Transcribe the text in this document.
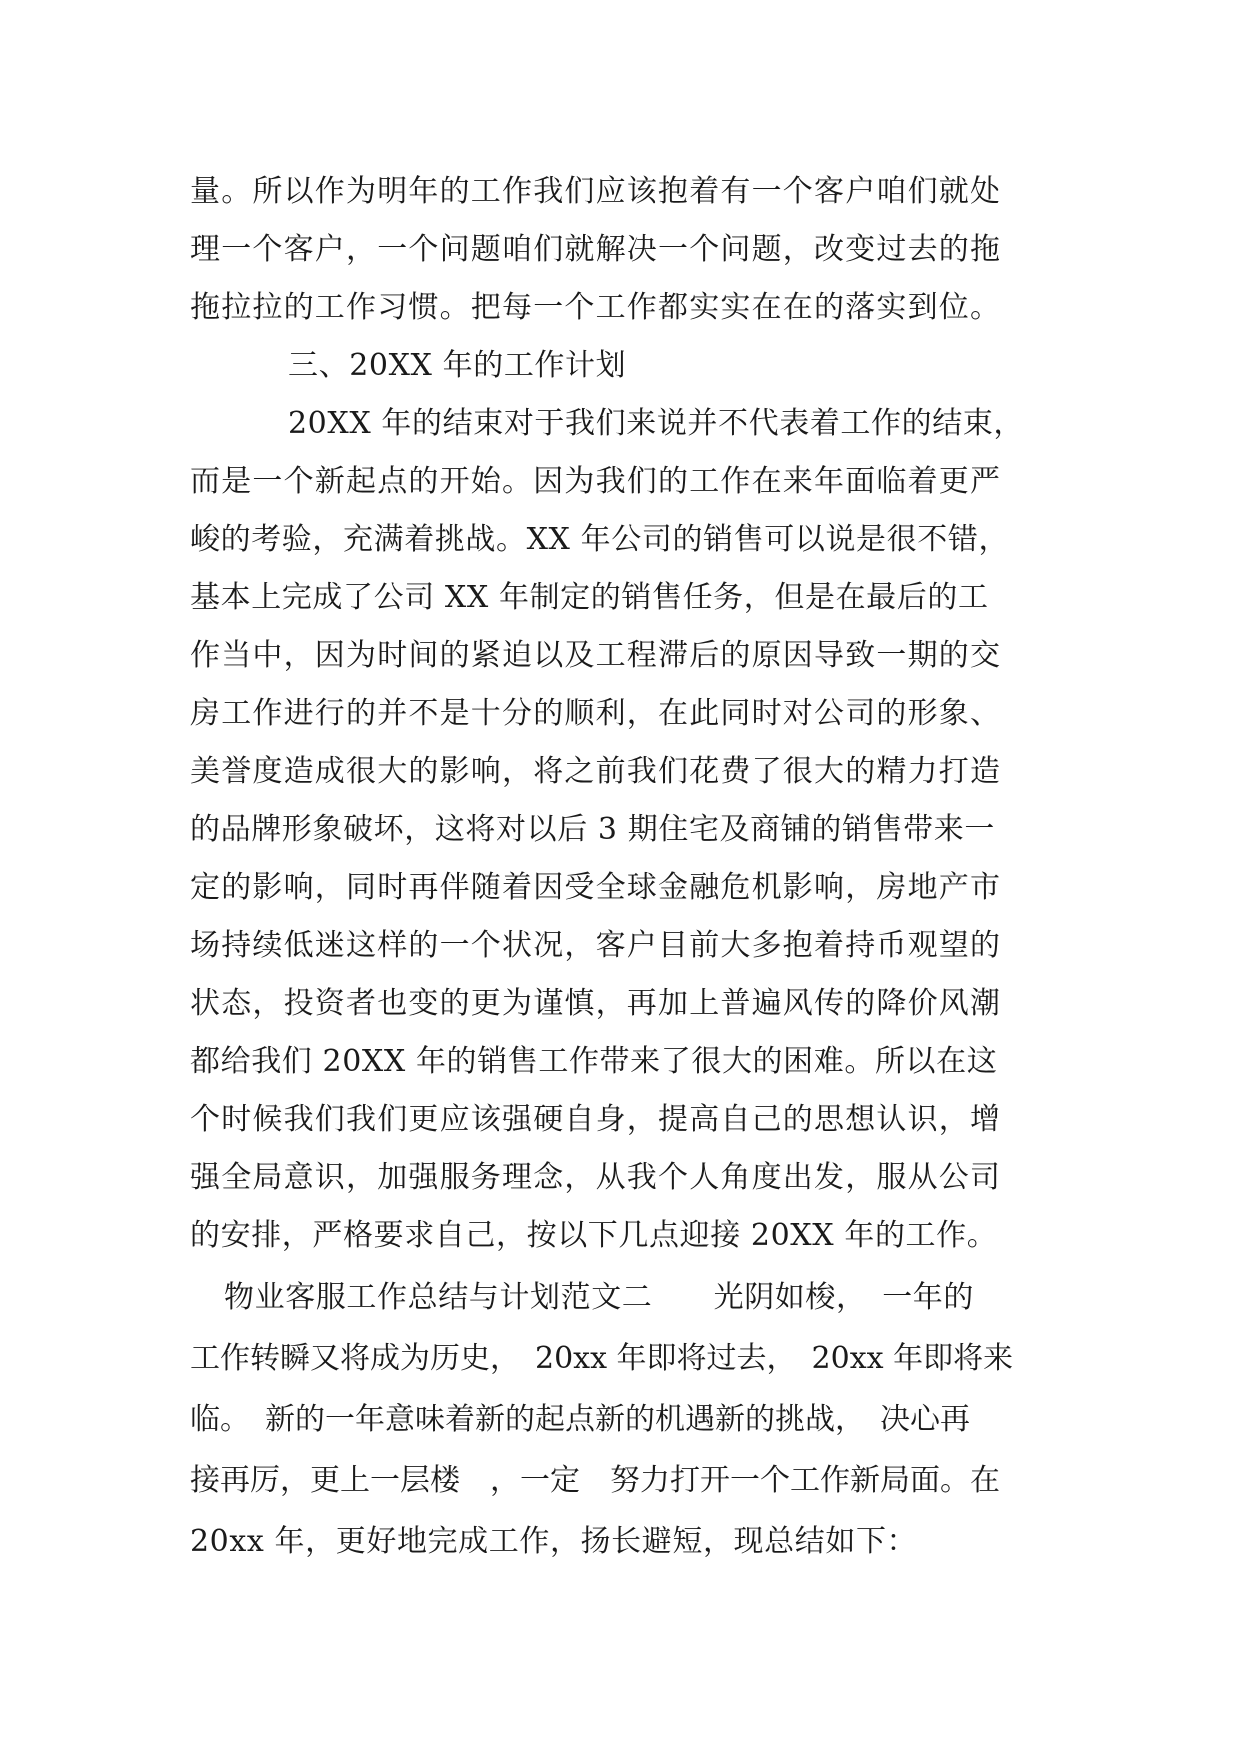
量。所以作为明年的工作我们应该抱着有一个客户咱们就处
理一个客户，一个问题咱们就解决一个问题，改变过去的拖
拖拉拉的工作习惯。把每一个工作都实实在在的落实到位。
三、20XX 年的工作计划
20XX 年的结束对于我们来说并不代表着工作的结束，
而是一个新起点的开始。因为我们的工作在来年面临着更严
峻的考验，充满着挑战。XX 年公司的销售可以说是很不错，
基本上完成了公司 XX 年制定的销售任务，但是在最后的工
作当中，因为时间的紧迫以及工程滞后的原因导致一期的交
房工作进行的并不是十分的顺利，在此同时对公司的形象、
美誉度造成很大的影响，将之前我们花费了很大的精力打造
的品牌形象破坏，这将对以后 3 期住宅及商铺的销售带来一
定的影响，同时再伴随着因受全球金融危机影响，房地产市
场持续低迷这样的一个状况，客户目前大多抱着持币观望的
状态，投资者也变的更为谨慎，再加上普遍风传的降价风潮
都给我们 20XX 年的销售工作带来了很大的困难。所以在这
个时候我们我们更应该强硬自身，提高自己的思想认识，增
强全局意识，加强服务理念，从我个人角度出发，服从公司
的安排，严格要求自己，按以下几点迎接 20XX 年的工作。
物业客服工作总结与计划范文二　　光阴如梭，　一年的
工作转瞬又将成为历史，　20xx 年即将过去，　20xx 年即将来
临。　新的一年意味着新的起点新的机遇新的挑战，　决心再
接再厉，更上一层楼　，一定　努力打开一个工作新局面。在
20xx 年，更好地完成工作，扬长避短，现总结如下：
